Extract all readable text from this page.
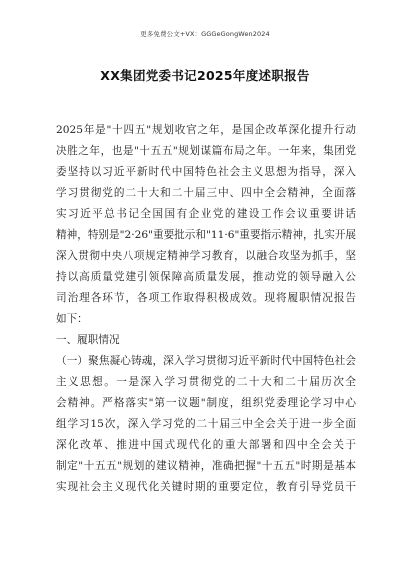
更多免费公文+VX：GGGeGongWen2024
XX集团党委书记2025年度述职报告
2025年是"十四五"规划收官之年，是国企改革深化提升行动
决胜之年，也是"十五五"规划谋篇布局之年。一年来，集团党
委坚持以习近平新时代中国特色社会主义思想为指导，深入
学习贯彻党的二十大和二十届三中、四中全会精神，全面落
实习近平总书记全国国有企业党的建设工作会议重要讲话
精神，特别是"2·26"重要批示和"11·6"重要指示精神，扎实开展
深入贯彻中央八项规定精神学习教育，以融合攻坚为抓手，坚
持以高质量党建引领保障高质量发展，推动党的领导融入公
司治理各环节，各项工作取得积极成效。现将履职情况报告
如下：
一、履职情况
（一）聚焦凝心铸魂，深入学习贯彻习近平新时代中国特色社会
主义思想。一是深入学习贯彻党的二十大和二十届历次全
会精神。严格落实"第一议题"制度，组织党委理论学习中心
组学习15次，深入学习党的二十届三中全会关于进一步全面
深化改革、推进中国式现代化的重大部署和四中全会关于
制定"十五五"规划的建议精神，准确把握"十五五"时期是基本
实现社会主义现代化关键时期的重要定位，教育引导党员干
